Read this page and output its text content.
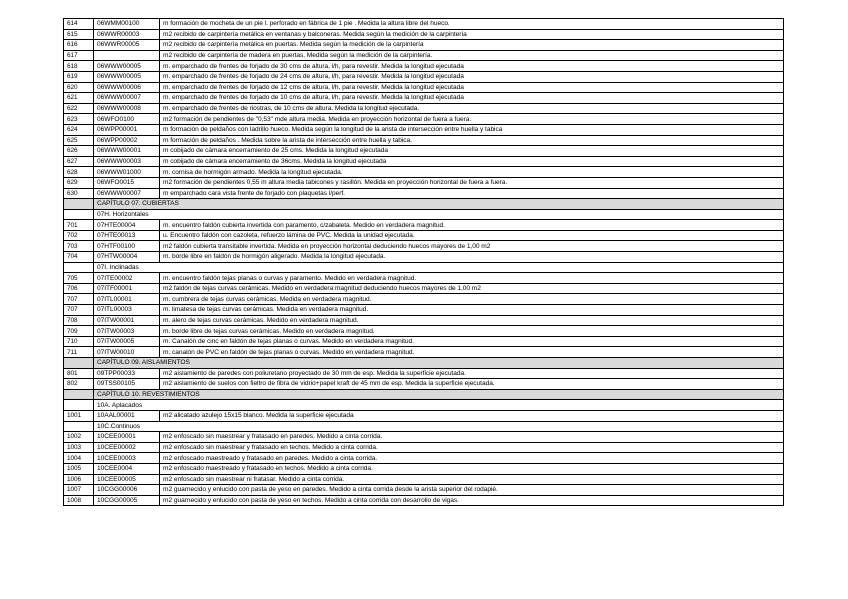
614	06WMM00100	m formación de mocheta de un pie l. perforado en fábrica de 1 pie . Medida la altura libre del hueco.
615	06WWR00003	m2 recibido de carpintería metálica en ventanas y balconeras. Medida según la medición de la carpintería
616	06WWR00005	m2 recibido de carpintería metálica en puertas. Medida según la medición de la carpintería
617		m2 recibido de carpintería de madera en puertas. Medida según la medición de la carpintería.
618	06WWW00005	m. emparchado de frentes de forjado de 30 cms de altura, l/h, para revestir. Medida la longitud ejecutada
619	06WWW00005	m. emparchado de frentes de forjado de 24 cms de altura, l/h, para revestir. Medida la longitud ejecutada
620	06WWW00006	m. emparchado de frentes de forjado de 12 cms de altura, l/h, para revestir. Medida la longitud ejecutada
621	06WWW00007	m. emparchado de frentes de forjado de 10 cms de altura, l/h, para revestir. Medida la longitud ejecutada
622	06WWW00008	m. emparchado de frentes de riostras, de 10 cms de altura. Medida la longitud ejecutada.
623	06WFO0100	m2 formación de pendientes de "0,53" mde altura media. Medida en proyección horizontal de fuera a fuera.
624	06WPP00001	m formación de peldaños con ladrillo hueco. Medida según la longitud de la arista de intersección entre huella y tabica
625	06WPP00002	m formación de peldaños . Medida sobre la arista de intersección entre huella y tabica.
626	06WWW00001	m cobijado de cámara encerramiento de 25 cms. Medida la longitud ejecutada
627	06WWW00003	m cobijado de cámara encerramiento de 36cms. Medida la longitud ejecutada
628	06WWW01000	m. cornisa de hormigón armado. Medida la longitud ejecutada.
629	06WFO0015	m2 formación de pendientes 0,55 m altura media tabicones y rasillón. Medida en proyección horizontal de fuera a fuera.
630	06WWW00007	m emparchado cara vista frente de forjado con plaquetas l/perf.
	CAPÍTULO 07. CUBIERTAS	
	07H. Horizontales	
701	07HTE00004	m. encuentro faldón cubierta invertida con paramento, c/zabaleta. Medido en verdadera magnitud.
702	07HTE00013	u. Encuentro faldón con cazoleta, refuerzo lámina de PVC. Medida la unidad ejecutada.
703	07HTF00100	m2 faldón cubierta transitable invertida. Medida en proyección horizontal deduciendo huecos mayores de 1,00 m2
704	07HTW00004	m. borde libre en faldón de hormigón aligerado. Medida la longitud ejecutada.
	07I. Inclinadas	
705	07ITE00002	m. encuentro faldón tejas planas o curvas y paramento. Medido en verdadera magnitud.
706	07ITF00001	m2 faldón de tejas curvas cerámicas. Medido en verdadera magnitud deduciendo huecos mayores de 1,00 m2
707	07ITL00001	m. cumbrera de tejas curvas cerámicas. Medida en verdadera magnitud.
707	07ITL00003	m. limatesa de tejas curvas cerámicas. Medida en verdadera magnitud.
708	07ITW00001	m. alero de tejas curvas cerámicas. Medido en verdadera magnitud.
709	07ITW00003	m. borde libre de tejas curvas cerámicas. Medido en verdadera magnitud.
710	07ITW00005	m. Canalón de cinc en faldón de tejas planas o curvas. Medido en verdadera magnitud.
711	07ITW00010	m. canalón de PVC en faldón de tejas planas o curvas. Medido en verdadera magnitud.
	CAPÍTULO 09. AISLAMIENTOS	
801	09TPP00033	m2 aislamiento de paredes con poliuretano proyectado de 30 mm de esp. Medida la superficie ejecutada.
802	09TSS00105	m2 aislamiento de suelos con fieltro de fibra de vidrio+papel kraft de 45 mm de esp. Medida la superficie ejecutada.
	CAPÍTULO 10. REVESTIMIENTOS	
	10A. Aplacados	
1001	10AAL00001	m2 alicatado azulejo 15x15 blanco. Medida la superficie ejecutada
	10C.Continuos	
1002	10CEE00001	m2 enfoscado sin maestrear y fratasado en paredes. Medido a cinta corrida.
1003	10CEE00002	m2 enfoscado sin maestrear y fratasado en techos. Medido a cinta corrida.
1004	10CEE00003	m2 enfoscado maestreado y fratasado en paredes. Medido a cinta corrida.
1005	10CEE0004	m2 enfoscado maestreado y fratasado en techos. Medido a cinta corrida.
1006	10CEE00005	m2 enfoscado sin maestrear ni fratasar. Medido a cinta corrida.
1007	10CGG00006	m2 guarnecido y enlucido con pasta de yeso en paredes. Medido a cinta corrida desde la arista superior del rodapié.
1008	10CGG00005	m2 guarnecido y enlucido con pasta de yeso en techos. Medido a cinta corrida con desarrollo de vigas.
